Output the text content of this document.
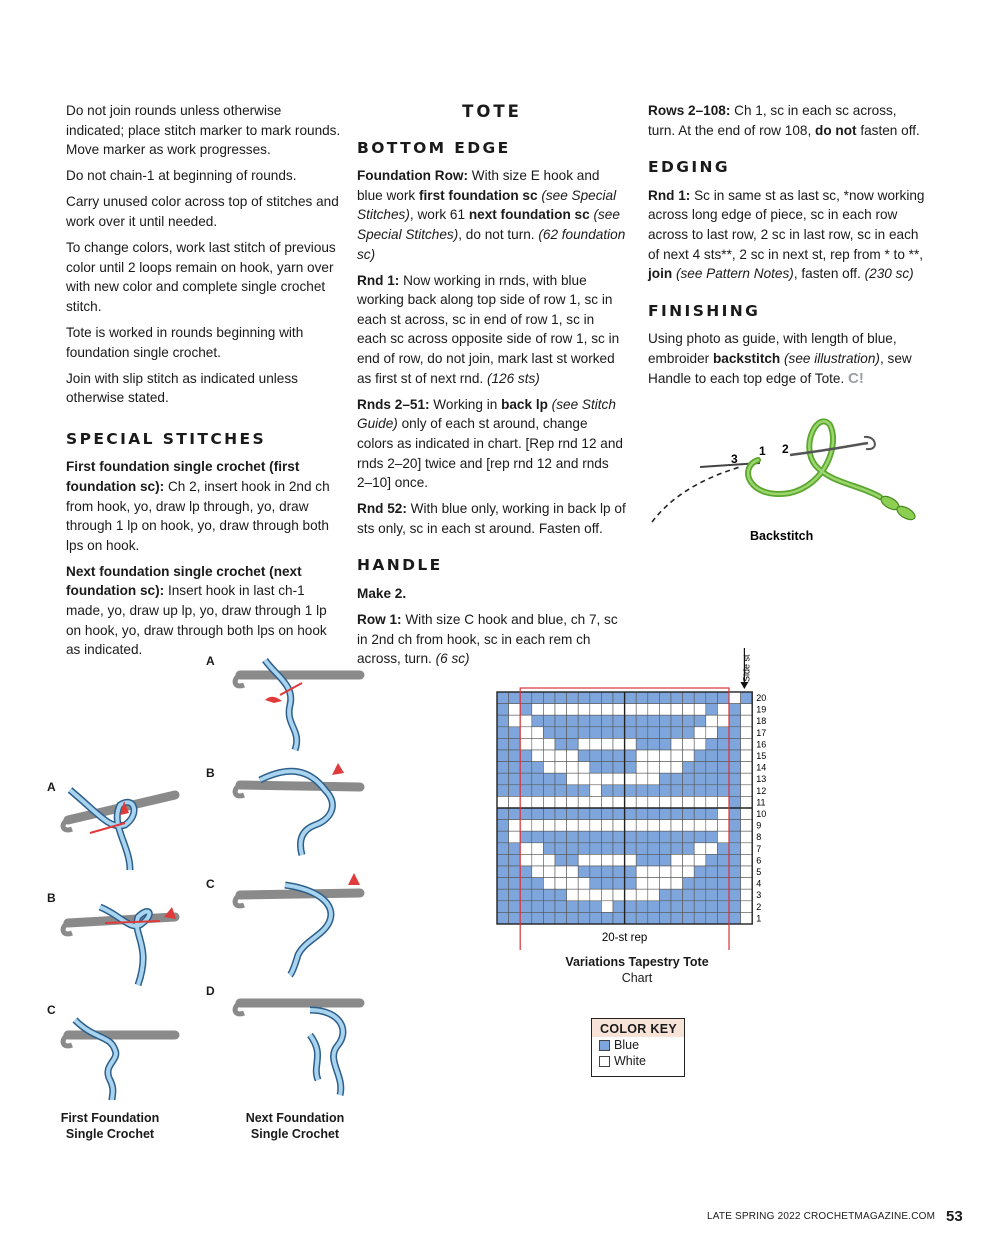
Do not join rounds unless otherwise indicated; place stitch marker to mark rounds. Move marker as work progresses.

Do not chain-1 at beginning of rounds.

Carry unused color across top of stitches and work over it until needed.

To change colors, work last stitch of previous color until 2 loops remain on hook, yarn over with new color and complete single crochet stitch.

Tote is worked in rounds beginning with foundation single crochet.

Join with slip stitch as indicated unless otherwise stated.

SPECIAL STITCHES

First foundation single crochet (first foundation sc): Ch 2, insert hook in 2nd ch from hook, yo, draw lp through, yo, draw through 1 lp on hook, yo, draw through both lps on hook.

Next foundation single crochet (next foundation sc): Insert hook in last ch-1 made, yo, draw up lp, yo, draw through 1 lp on hook, yo, draw through both lps on hook as indicated.

TOTE
BOTTOM EDGE

Foundation Row: With size E hook and blue work first foundation sc (see Special Stitches), work 61 next foundation sc (see Special Stitches), do not turn. (62 foundation sc)

Rnd 1: Now working in rnds, with blue working back along top side of row 1, sc in each st across, sc in end of row 1, sc in each sc across opposite side of row 1, sc in end of row, do not join, mark last st worked as first st of next rnd. (126 sts)

Rnds 2–51: Working in back lp (see Stitch Guide) only of each st around, change colors as indicated in chart. [Rep rnd 12 and rnds 2–20] twice and [rep rnd 12 and rnds 2–10] once.

Rnd 52: With blue only, working in back lp of sts only, sc in each st around. Fasten off.

HANDLE

Make 2.

Row 1: With size C hook and blue, ch 7, sc in 2nd ch from hook, sc in each rem ch across, turn. (6 sc)

Rows 2–108: Ch 1, sc in each sc across, turn. At the end of row 108, do not fasten off.

EDGING

Rnd 1: Sc in same st as last sc, *now working across long edge of piece, sc in each row across to last row, 2 sc in last row, sc in each of next 4 sts**, 2 sc in next st, rep from * to **, join (see Pattern Notes), fasten off. (230 sc)

FINISHING

Using photo as guide, with length of blue, embroider backstitch (see illustration), sew Handle to each top edge of Tote. C!

3
1 2
Backstitch
A
B
C
A
B
C
D
First Foundation
Single Crochet
Next Foundation
Single Crochet
20
19
18
17
16
15
14
13
12
11
10
9
8
7
6
5
4
3
2
1
20-st rep
Side st
Variations Tapestry Tote
Chart
COLOR KEY
Blue
White
LATE SPRING 2022 CROCHETMAGAZINE.COM 53
